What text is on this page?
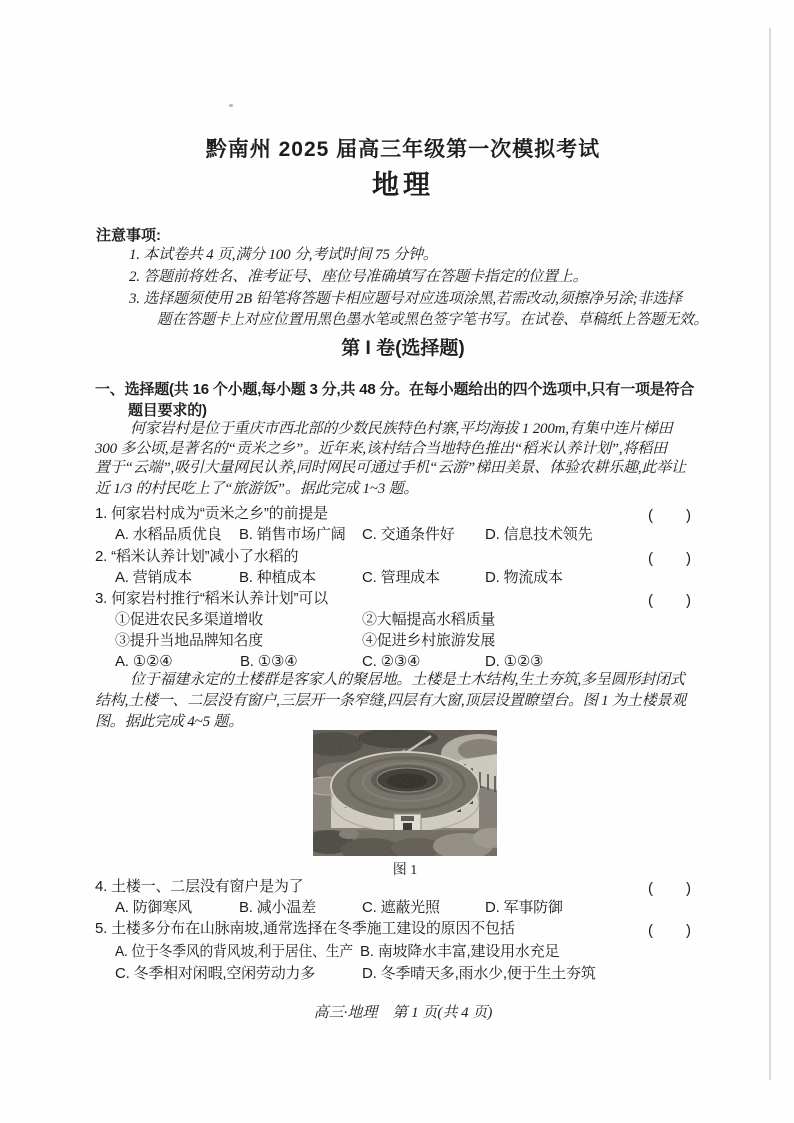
黔南州 2025 届高三年级第一次模拟考试
地理
注意事项:
1. 本试卷共 4 页,满分 100 分,考试时间 75 分钟。
2. 答题前将姓名、准考证号、座位号准确填写在答题卡指定的位置上。
3. 选择题须使用 2B 铅笔将答题卡相应题号对应选项涂黑,若需改动,须擦净另涂;非选择
题在答题卡上对应位置用黑色墨水笔或黑色签字笔书写。在试卷、草稿纸上答题无效。
第 I 卷(选择题)
一、选择题(共 16 个小题,每小题 3 分,共 48 分。在每小题给出的四个选项中,只有一项是符合
题目要求的)
何家岩村是位于重庆市西北部的少数民族特色村寨,平均海拔 1 200m,有集中连片梯田
300 多公顷,是著名的“贡米之乡”。近年来,该村结合当地特色推出“稻米认养计划”,将稻田
置于“云端”,吸引大量网民认养,同时网民可通过手机“云游”梯田美景、体验农耕乐趣,此举让
近 1/3 的村民吃上了“旅游饭”。据此完成 1~3 题。
1. 何家岩村成为“贡米之乡”的前提是	(　　)
A. 水稻品质优良 B. 销售市场广阔 C. 交通条件好 D. 信息技术领先
2. “稻米认养计划”减小了水稻的	(　　)
A. 营销成本	B. 种植成本	C. 管理成本	D. 物流成本
3. 何家岩村推行“稻米认养计划”可以	(　　)
①促进农民多渠道增收	②大幅提高水稻质量
③提升当地品牌知名度	④促进乡村旅游发展
A. ①②④	B. ①③④	C. ②③④	D. ①②③
位于福建永定的土楼群是客家人的聚居地。土楼是土木结构,生土夯筑,多呈圆形封闭式
结构,土楼一、二层没有窗户,三层开一条窄缝,四层有大窗,顶层设置瞭望台。图 1 为土楼景观
图。据此完成 4~5 题。
图 1
4. 土楼一、二层没有窗户是为了	(　　)
A. 防御寒风	B. 减小温差	C. 遮蔽光照	D. 军事防御
5. 土楼多分布在山脉南坡,通常选择在冬季施工建设的原因不包括	(　　)
A. 位于冬季风的背风坡,利于居住、生产 B. 南坡降水丰富,建设用水充足
C. 冬季相对闲暇,空闲劳动力多	D. 冬季晴天多,雨水少,便于生土夯筑
高三·地理　第 1 页(共 4 页)
